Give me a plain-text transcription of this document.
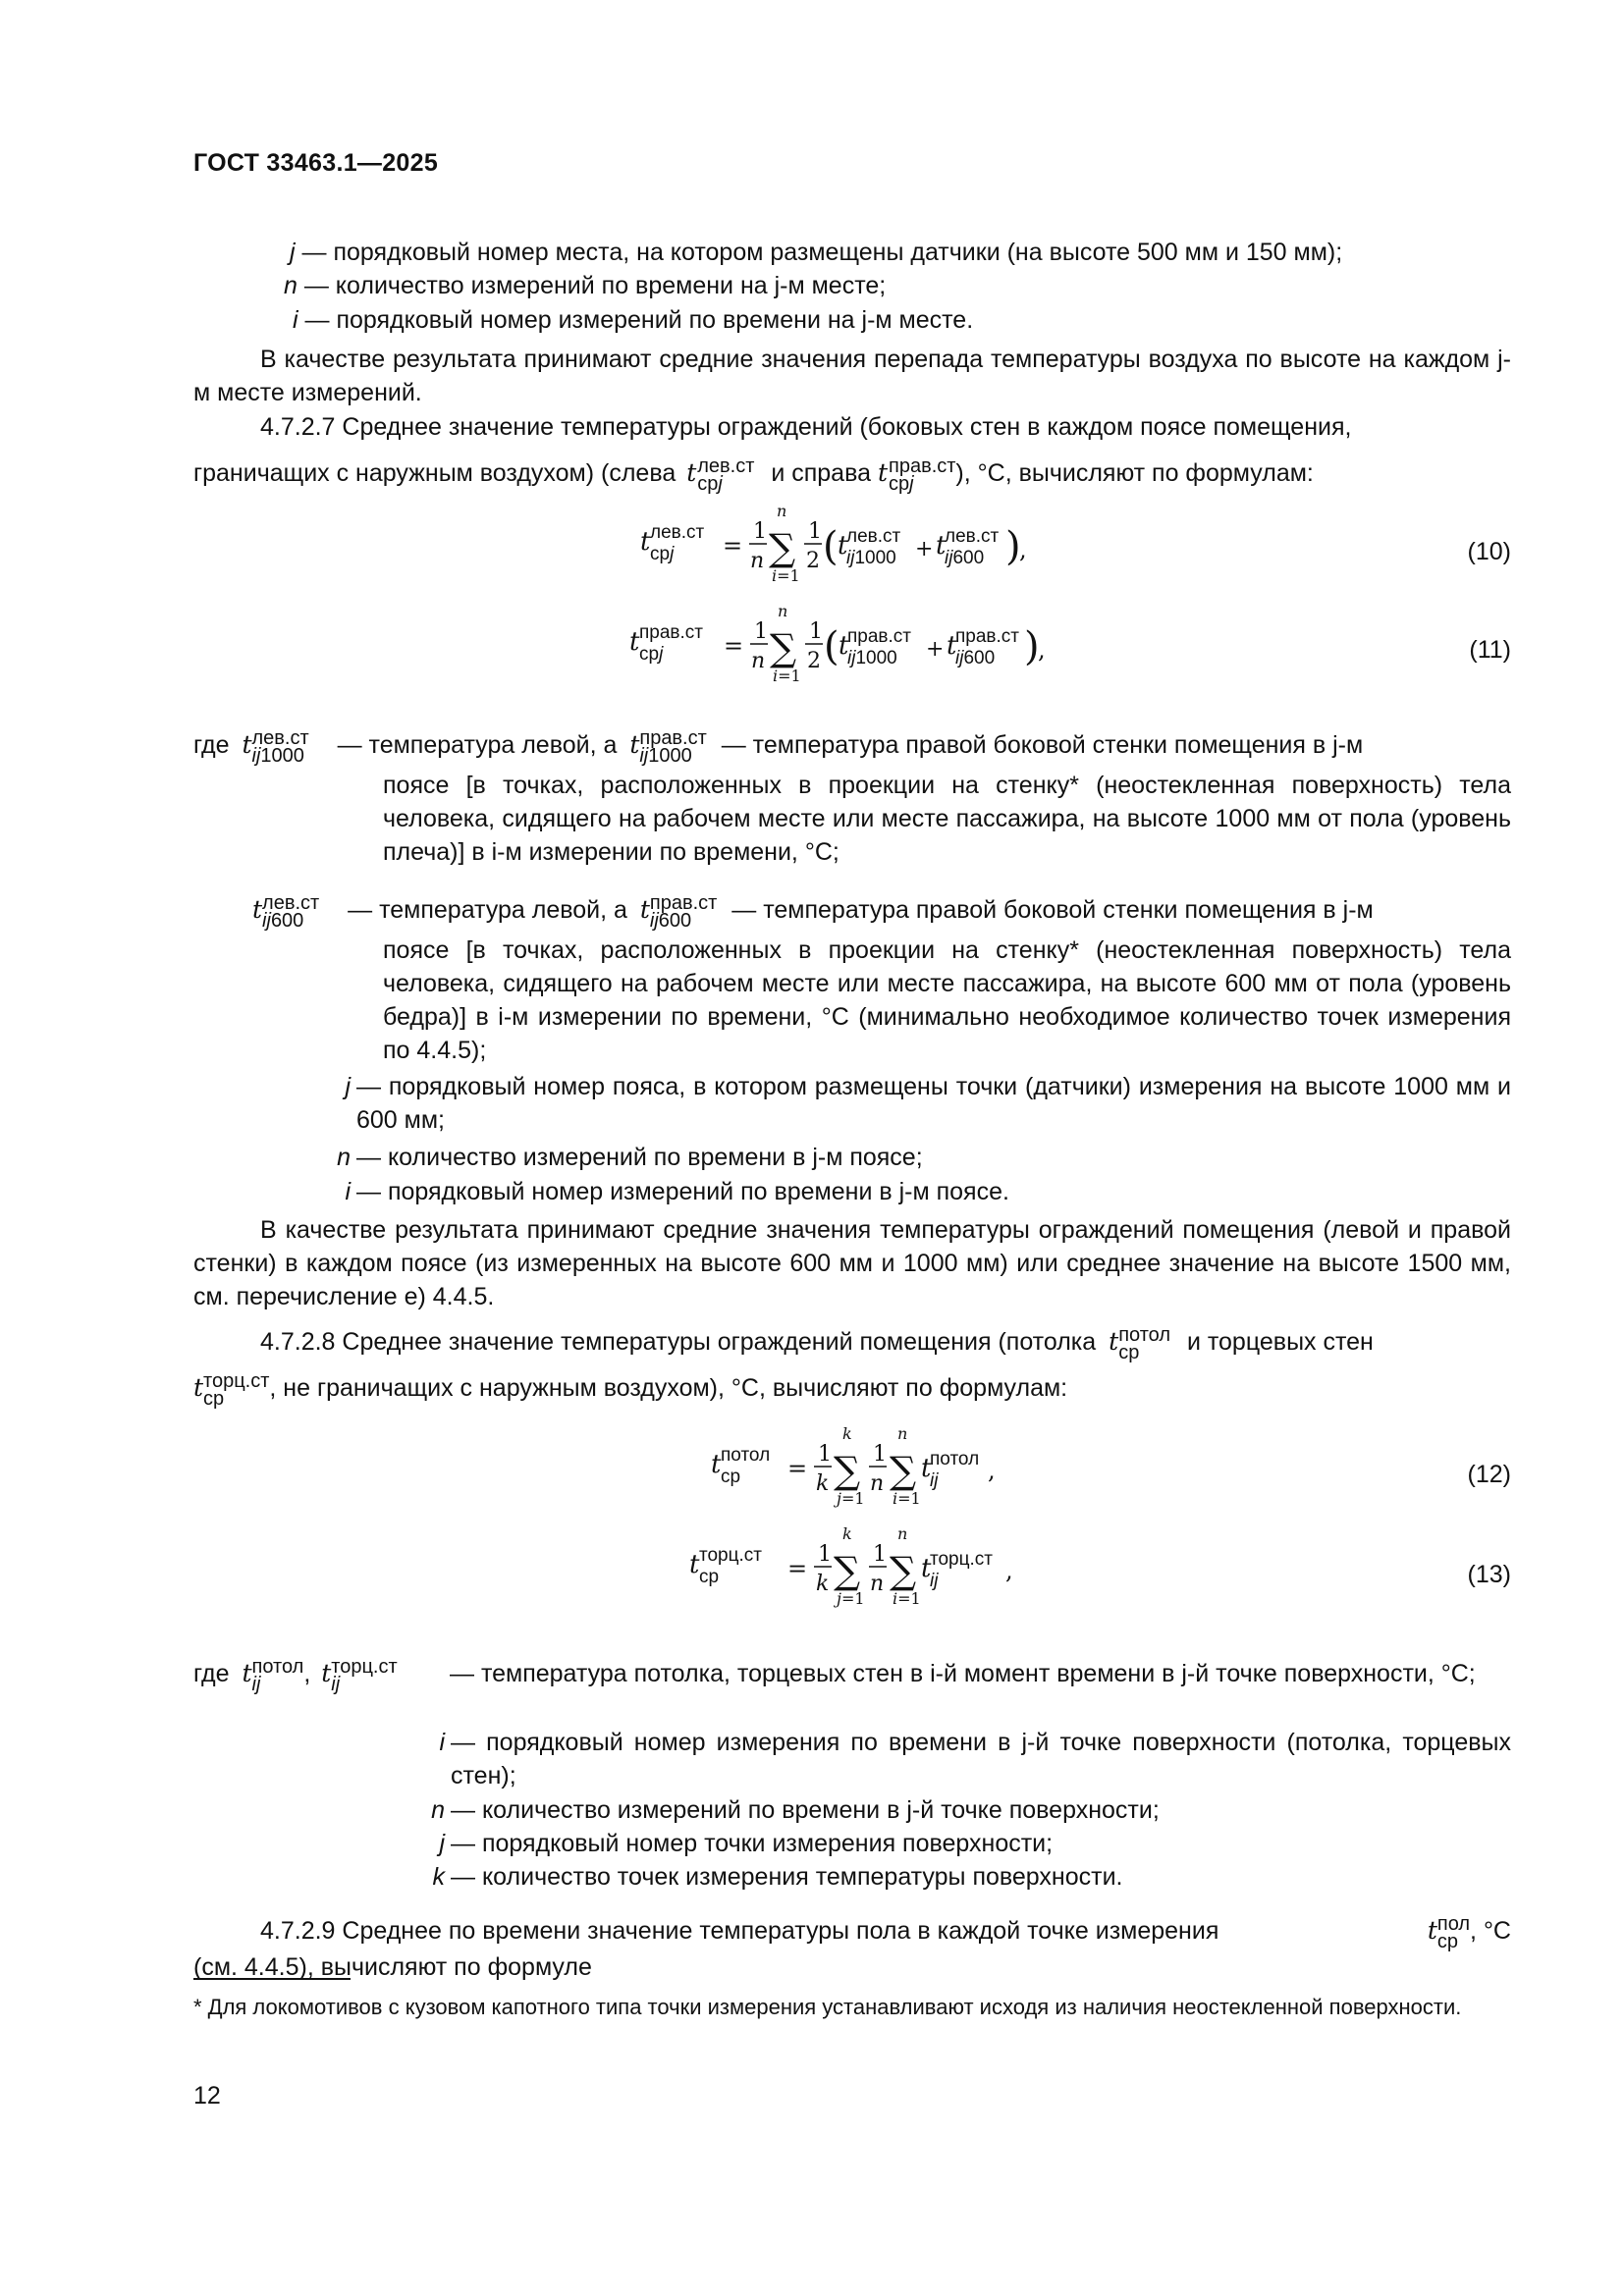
ГОСТ 33463.1—2025
j — порядковый номер места, на котором размещены датчики (на высоте 500 мм и 150 мм);
n — количество измерений по времени на j-м месте;
i — порядковый номер измерений по времени на j-м месте.
В качестве результата принимают средние значения перепада температуры воздуха по высоте на каждом j-м месте измерений.
4.7.2.7 Среднее значение температуры ограждений (боковых стен в каждом поясе помещения,
граничащих с наружным воздухом) (слева t лев.ст
срj	и справа t прав.ст
срj	), °С, вычисляют по формулам:
t лев.ст
срj =
1
n
n
∑
i=1
1
2 ( t
лев.ст
ij1000 + t
лев.ст
ij600 )
,	(10)
t прав.ст
срj	=
1
n
n
∑
i=1
1
2 ( t
прав.ст
ij1000 + t
прав.ст
ij600 )
,	(11)
где t лев.ст
ij1000 — температура левой, а t прав.ст
ij1000	— температура правой боковой стенки помещения в j-м
поясе [в точках, расположенных в проекции на стенку* (неостекленная поверхность) тела человека, сидящего на рабочем месте или месте пассажира, на высоте 1000 мм от пола (уровень плеча)] в i-м измерении по времени, °С;
t лев.ст
ij600	— температура левой, а t прав.ст
ij600	— температура правой боковой стенки помещения в j-м
поясе [в точках, расположенных в проекции на стенку* (неостекленная поверхность) тела человека, сидящего на рабочем месте или месте пассажира, на высоте 600 мм от пола (уровень бедра)] в i-м измерении по времени, °С (минимально необходимое количество точек измерения по 4.4.5);
j — порядковый номер пояса, в котором размещены точки (датчики) измерения на высоте 1000 мм и 600 мм;
n — количество измерений по времени в j-м поясе;
i — порядковый номер измерений по времени в j-м поясе.
В качестве результата принимают средние значения температуры ограждений помещения (левой и правой стенки) в каждом поясе (из измеренных на высоте 600 мм и 1000 мм) или среднее значение на высоте 1500 мм, см. перечисление е) 4.4.5.
4.7.2.8 Среднее значение температуры ограждений помещения (потолка t потол
ср	и торцевых стен
t торц.ст
ср	, не граничащих с наружным воздухом), °С, вычисляют по формулам:
t потол
ср =
1
k
k
∑
j=1
1
n
n
∑
i=1
t
потол
ij ,	(12)
t торц.ст
ср	=
1
k
k
∑
j=1
1
n
n
∑
i=1
t
торц.ст
ij	,	(13)
где t потол
ij	, t торц.ст
ij	— температура потолка, торцевых стен в i-й момент времени в j-й точке поверхности, °С;
i — порядковый номер измерения по времени в j-й точке поверхности (потолка, торцевых стен);
n — количество измерений по времени в j-й точке поверхности;
j — порядковый номер точки измерения поверхности;
k — количество точек измерения температуры поверхности.
4.7.2.9 Среднее по времени значение температуры пола в каждой точке измерения	t пол
ср , °С
(см. 4.4.5), вычисляют по формуле
* Для локомотивов с кузовом капотного типа точки измерения устанавливают исходя из наличия неостекленной поверхности.
12
